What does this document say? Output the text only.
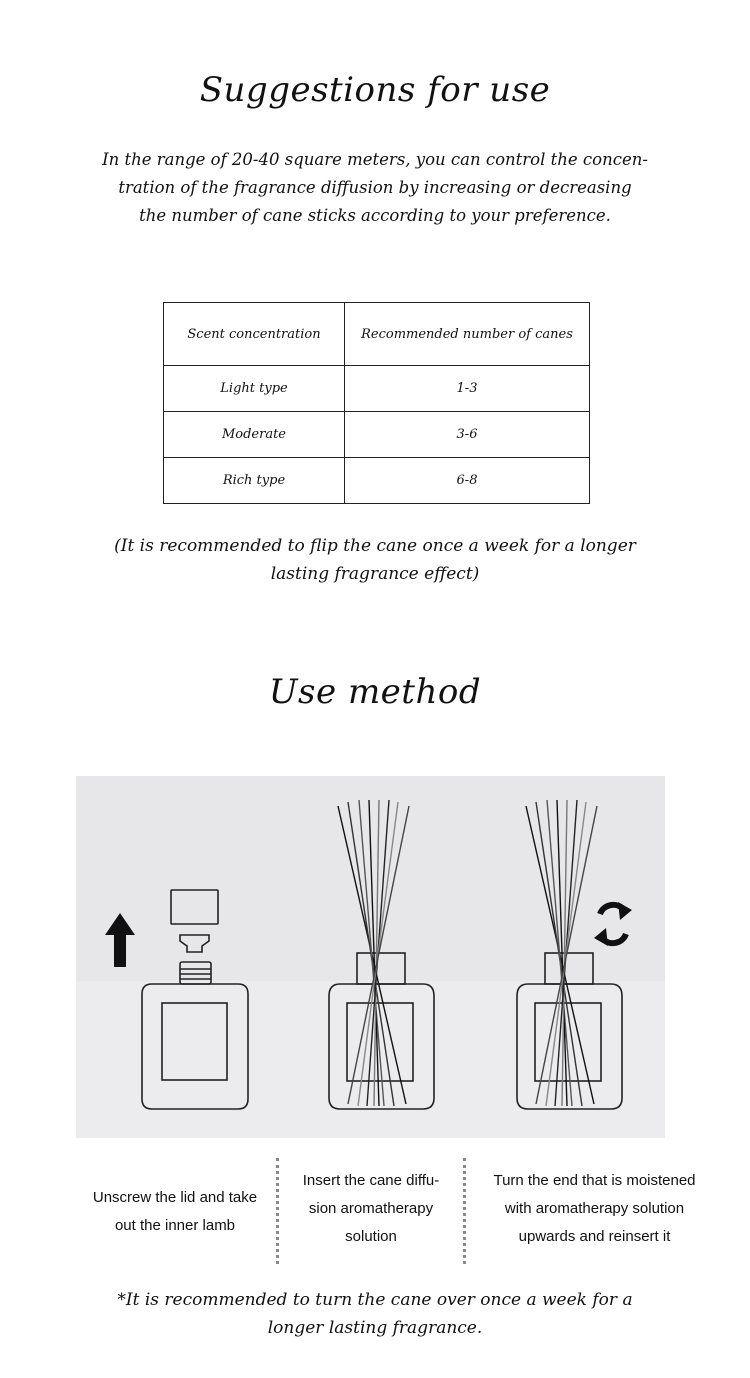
Suggestions for use
In the range of 20-40 square meters, you can control the concen-
tration of the fragrance diffusion by increasing or decreasing
the number of cane sticks according to your preference.
Scent concentration	Recommended number of canes
Light type	1-3
Moderate	3-6
Rich type	6-8
(It is recommended to flip the cane once a week for a longer
lasting fragrance effect)
Use method
Unscrew the lid and take
out the inner lamb
Insert the cane diffu-
sion aromatherapy
solution
Turn the end that is moistened
with aromatherapy solution
upwards and reinsert it
*It is recommended to turn the cane over once a week for a
longer lasting fragrance.
